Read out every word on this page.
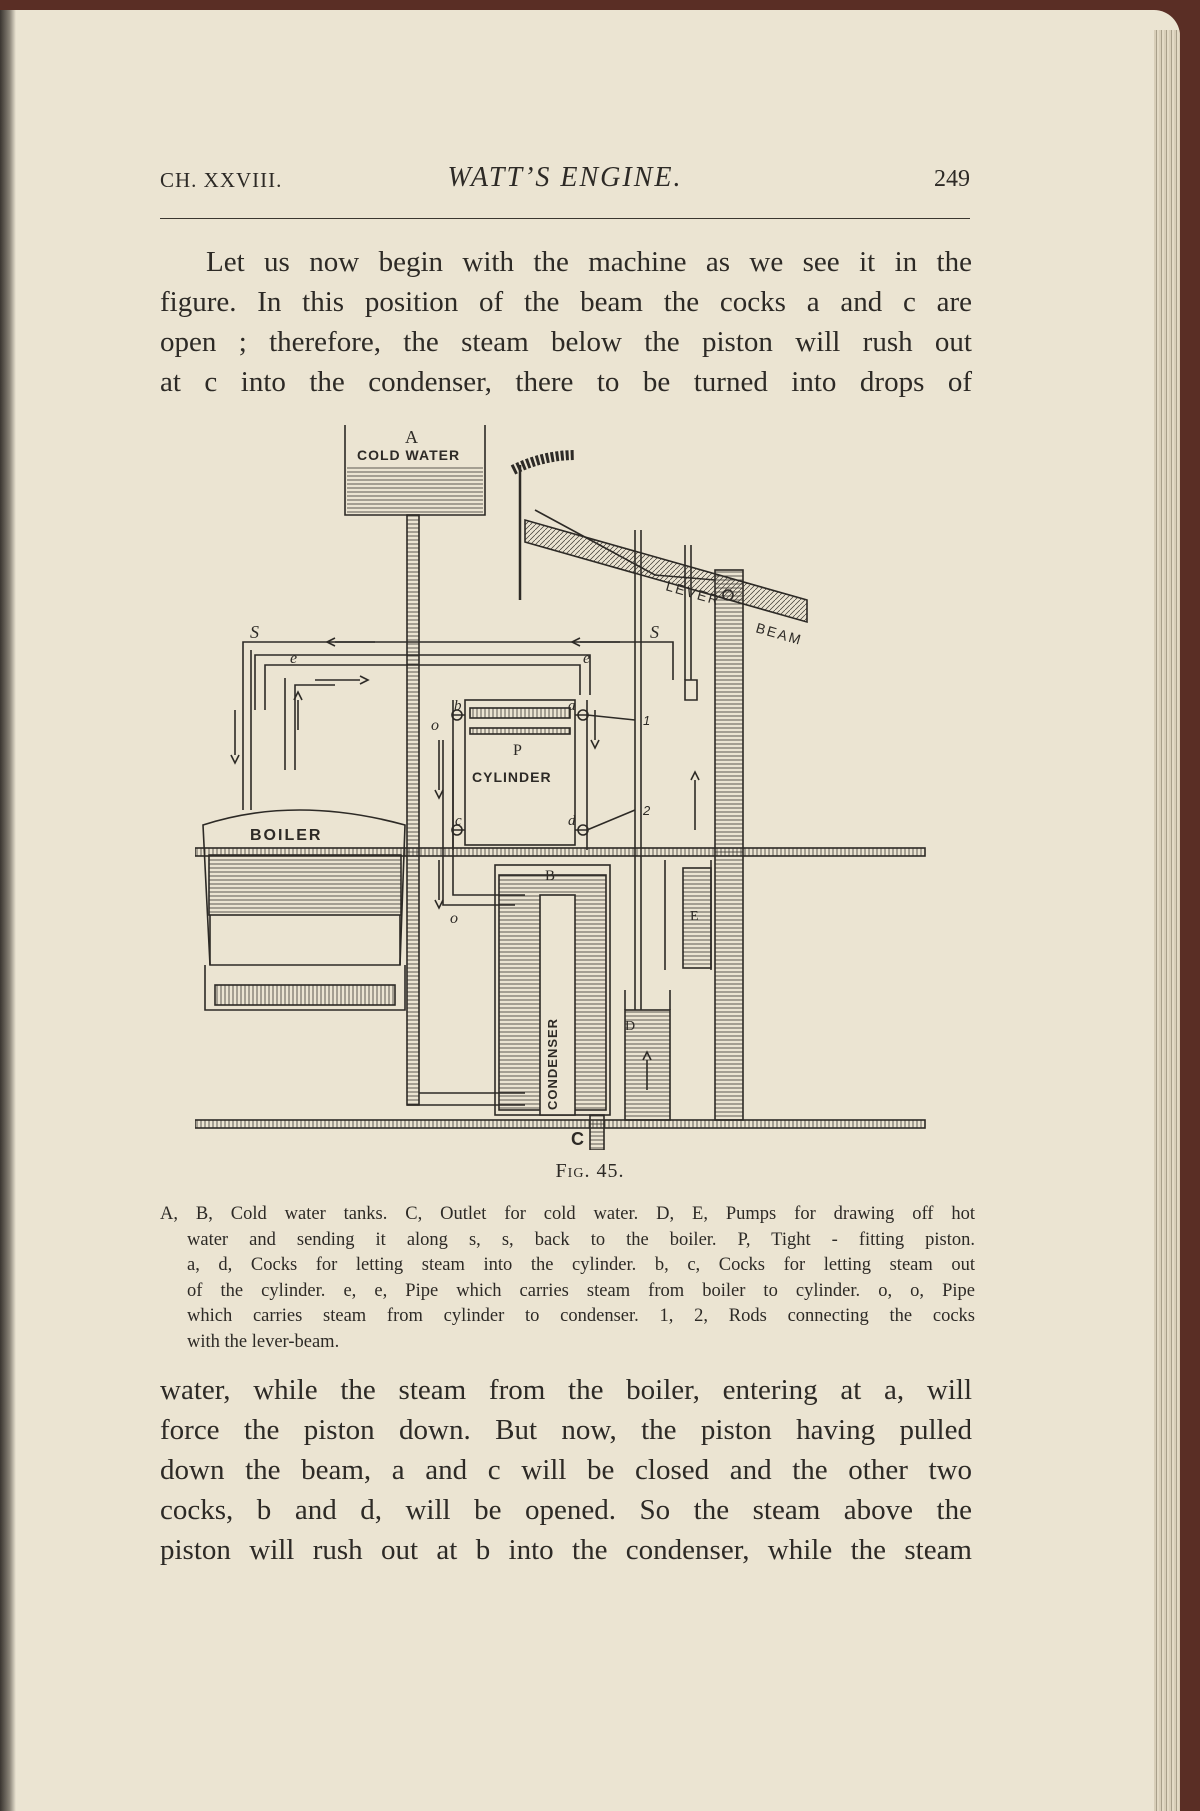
CH. XXVIII.	WATT’S ENGINE.	249
Let us now begin with the machine as we see it in the
figure. In this position of the beam the cocks a and c are
open ; therefore, the steam below the piston will rush out
at c into the condenser, there to be turned into drops of
A
COLD WATER
LEVER
BEAM
S	S
e	e
b	a
o	1
P
CYLINDER
c	d
2
BOILER
B
E
o
CONDENSER	D
C
Fig. 45.
A, B, Cold water tanks. C, Outlet for cold water. D, E, Pumps for drawing off hot
water and sending it along s, s, back to the boiler. P, Tight - fitting piston.
a, d, Cocks for letting steam into the cylinder. b, c, Cocks for letting steam out
of the cylinder. e, e, Pipe which carries steam from boiler to cylinder. o, o, Pipe
which carries steam from cylinder to condenser. 1, 2, Rods connecting the cocks
with the lever-beam.
water, while the steam from the boiler, entering at a, will
force the piston down. But now, the piston having pulled
down the beam, a and c will be closed and the other two
cocks, b and d, will be opened. So the steam above the
piston will rush out at b into the condenser, while the steam
